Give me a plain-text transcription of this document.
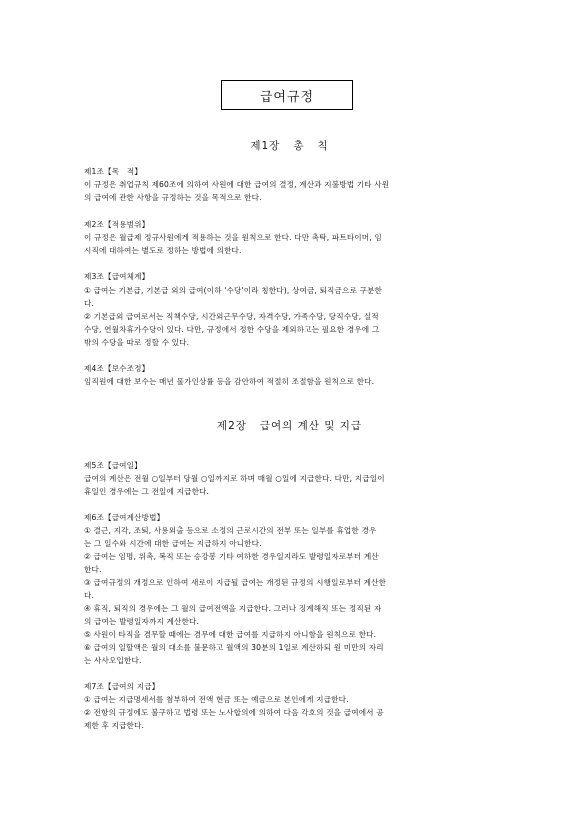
급여규정
제1장   총   칙
제1조【목   적】
이 규정은 취업규칙 제60조에 의하여 사원에 대한 급여의 결정, 계산과 지불방법 기타 사원
의 급여에 관한 사항을 규정하는 것을 목적으로 한다.
제2조【적용범위】
이 규정은 월급제 정규사원에게 적용하는 것을 원칙으로 한다. 다만 촉탁, 파트타이머, 임
시직에 대하여는 별도로 정하는 방법에 의한다.
제3조【급여체계】
① 급여는 기본급, 기본급 외의 급여(이하 '수당'이라 칭한다), 상여금, 퇴직금으로 구분한
다.
② 기본급외 급여로서는 직책수당, 시간외근무수당, 자격수당, 가족수당, 당직수당, 실적
수당, 연월차휴가수당이 있다. 다만, 규정에서 정한 수당을 제외하고는 필요한 경우에 그
밖의 수당을 따로 정할 수 있다.
제4조【보수조정】
임직원에 대한 보수는 매년 물가인상률 등을 감안하여 적절히 조절함을 원칙으로 한다.
제2장   급여의 계산 및 지급
제5조【급여일】
급여의 계산은 전월 ○일부터 당월 ○일까지로 하며 매월 ○일에 지급한다. 다만, 지급일이
휴일인 경우에는 그 전일에 지급한다.
제6조【급여계산방법】
① 결근, 지각, 조퇴, 사용외출 등으로 소정의 근로시간의 전부 또는 일부를 휴업한 경우
는 그 일수와 시간에 대한 급여는 지급하지 아니한다.
② 급여는 임명, 위촉, 복직 또는 승강봉 기타 여하한 경우일지라도 발령일자로부터 계산
한다.
③ 급여규정의 개정으로 인하여 새로이 지급될 급여는 개정된 규정의 시행일로부터 계산한
다.
④ 휴직, 퇴직의 경우에는 그 월의 급여전액을 지급한다. 그러나 징계해직 또는 정직된 자
의 급여는 발령일자까지 계산한다.
⑤ 사원이 타직을 겸무할 때에는 겸무에 대한 급여를 지급하지 아니함을 원칙으로 한다.
⑥ 급여의 일할액은 월의 대소를 불문하고 월액의 30분의 1일로 계산하되 원 미만의 자리
는 사사오입한다.
제7조【급여의 지급】
① 급여는 지급명세서를 첨부하여 전액 현금 또는 예금으로 본인에게 지급한다.
② 전항의 규정에도 불구하고 법령 또는 노사합의에 의하여 다음 각호의 것을 급여에서 공
제한 후 지급한다.
